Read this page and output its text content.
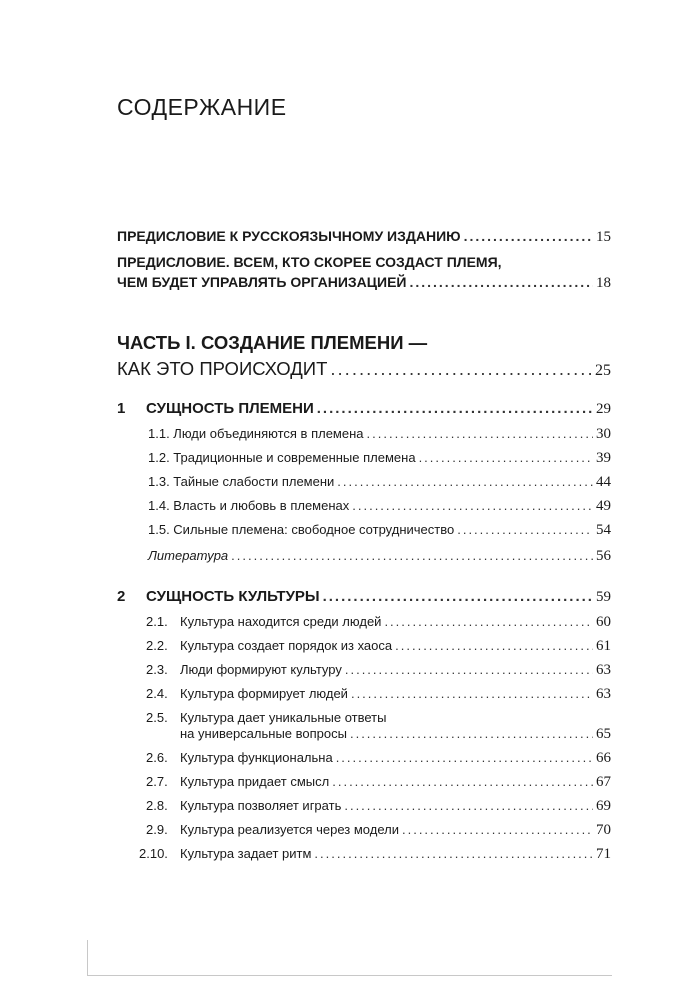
СОДЕРЖАНИЕ
ПРЕДИСЛОВИЕ К РУССКОЯЗЫЧНОМУ ИЗДАНИЮ .....	15
ПРЕДИСЛОВИЕ. ВСЕМ, КТО СКОРЕЕ СОЗДАСТ ПЛЕМЯ,
ЧЕМ БУДЕТ УПРАВЛЯТЬ ОРГАНИЗАЦИЕЙ .....	18
ЧАСТЬ I. СОЗДАНИЕ ПЛЕМЕНИ —
КАК ЭТО ПРОИСХОДИТ .....	25
1 СУЩНОСТЬ ПЛЕМЕНИ .....	29
1.1. Люди объединяются в племена .....	30
1.2. Традиционные и современные племена .....	39
1.3. Тайные слабости племени .....	44
1.4. Власть и любовь в племенах .....	49
1.5. Сильные племена: свободное сотрудничество .....	54
Литература .....	56
2 СУЩНОСТЬ КУЛЬТУРЫ .....	59
2.1. Культура находится среди людей .....	60
2.2. Культура создает порядок из хаоса .....	61
2.3. Люди формируют культуру .....	63
2.4. Культура формирует людей .....	63
2.5. Культура дает уникальные ответы
на универсальные вопросы .....	65
2.6. Культура функциональна .....	66
2.7. Культура придает смысл .....	67
2.8. Культура позволяет играть .....	69
2.9. Культура реализуется через модели .....	70
2.10. Культура задает ритм .....	71
